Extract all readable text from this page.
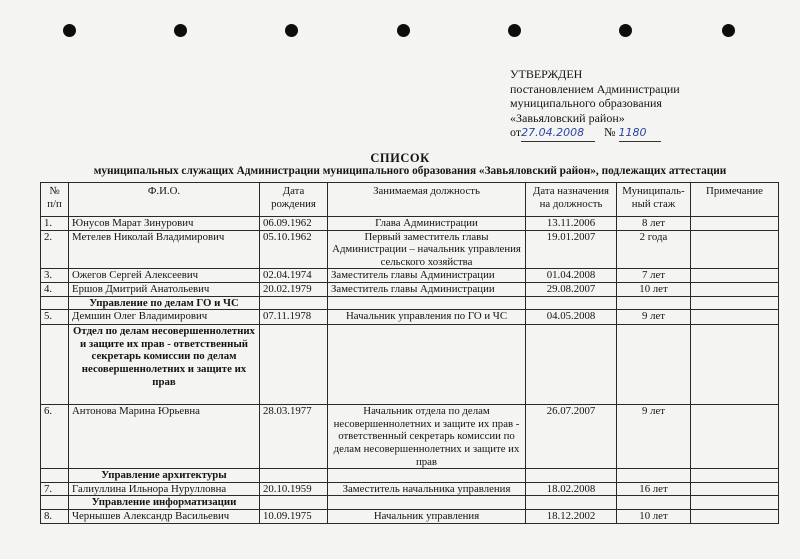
УТВЕРЖДЕН
постановлением Администрации
муниципального образования
«Завьяловский район»
от27.04.2008 № 1180
СПИСОК
муниципальных служащих Администрации муниципального образования «Завьяловский район», подлежащих аттестации
№ п/п	Ф.И.О.	Дата рождения	Занимаемая должность	Дата назначения на должность	Муниципаль-ный стаж	Примечание
1.	Юнусов Марат Зинурович	06.09.1962	Глава Администрации	13.11.2006	8 лет	
2.	Метелев Николай Владимирович	05.10.1962	Первый заместитель главы Администрации – начальник управления сельского хозяйства	19.01.2007	2 года	
3.	Ожегов Сергей Алексеевич	02.04.1974	Заместитель главы Администрации	01.04.2008	7 лет	
4.	Ершов Дмитрий Анатольевич	20.02.1979	Заместитель главы Администрации	29.08.2007	10 лет	
	Управление по делам ГО и ЧС					
5.	Демшин Олег Владимирович	07.11.1978	Начальник управления по ГО и ЧС	04.05.2008	9 лет	
	Отдел по делам несовершеннолетних и защите их прав - ответственный секретарь комиссии по делам несовершеннолетних и защите их прав					
6.	Антонова Марина Юрьевна	28.03.1977	Начальник отдела по делам несовершеннолетних и защите их прав - ответственный секретарь комиссии по делам несовершеннолетних и защите их прав	26.07.2007	9 лет	
	Управление архитектуры					
7.	Галиуллина Ильнора Нурулловна	20.10.1959	Заместитель начальника управления	18.02.2008	16 лет	
	Управление информатизации					
8.	Чернышев Александр Васильевич	10.09.1975	Начальник управления	18.12.2002	10 лет	
